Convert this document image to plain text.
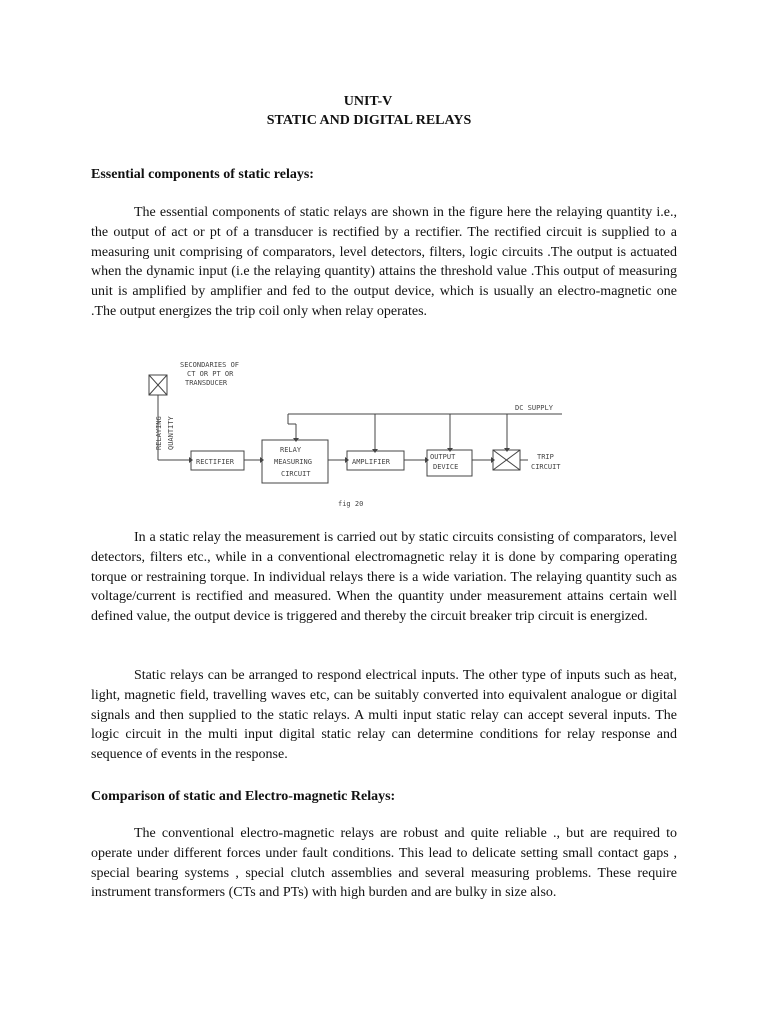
UNIT-V
STATIC AND DIGITAL RELAYS
Essential components of static relays:
The essential components of static relays are shown in the figure here the relaying quantity i.e., the output of act or pt of a transducer is rectified by a rectifier. The rectified circuit is supplied to a measuring unit comprising of comparators, level detectors, filters, logic circuits .The output is actuated when the dynamic input (i.e the relaying quantity) attains the threshold value .This output of measuring unit is amplified by amplifier and fed to the output device, which is usually an electro-magnetic one .The output energizes the trip coil only when relay operates.
SECONDARIES OF
CT OR PT OR
TRANSDUCER
RELAYING QUANTITY
DC SUPPLY
RECTIFIER
RELAY
MEASURING
CIRCUIT
AMPLIFIER
OUTPUT
DEVICE
TRIP
CIRCUIT
fig 20
In a static relay the measurement is carried out by static circuits consisting of comparators, level detectors, filters etc., while in a conventional electromagnetic relay it is done by comparing operating torque or restraining torque. In individual relays there is a wide variation. The relaying quantity such as voltage/current is rectified and measured. When the quantity under measurement attains certain well defined value, the output device is triggered and thereby the circuit breaker trip circuit is energized.
Static relays can be arranged to respond electrical inputs. The other type of inputs such as heat, light, magnetic field, travelling waves etc, can be suitably converted into equivalent analogue or digital signals and then supplied to the static relays. A multi input static relay can accept several inputs. The logic circuit in the multi input digital static relay can determine conditions for relay response and sequence of events in the response.
Comparison of static and Electro-magnetic Relays:
The conventional electro-magnetic relays are robust and quite reliable ., but are required to operate under different forces under fault conditions. This lead to delicate setting small contact gaps , special bearing systems , special clutch assemblies and several measuring problems. These require instrument transformers (CTs and PTs) with high burden and are bulky in size also.
